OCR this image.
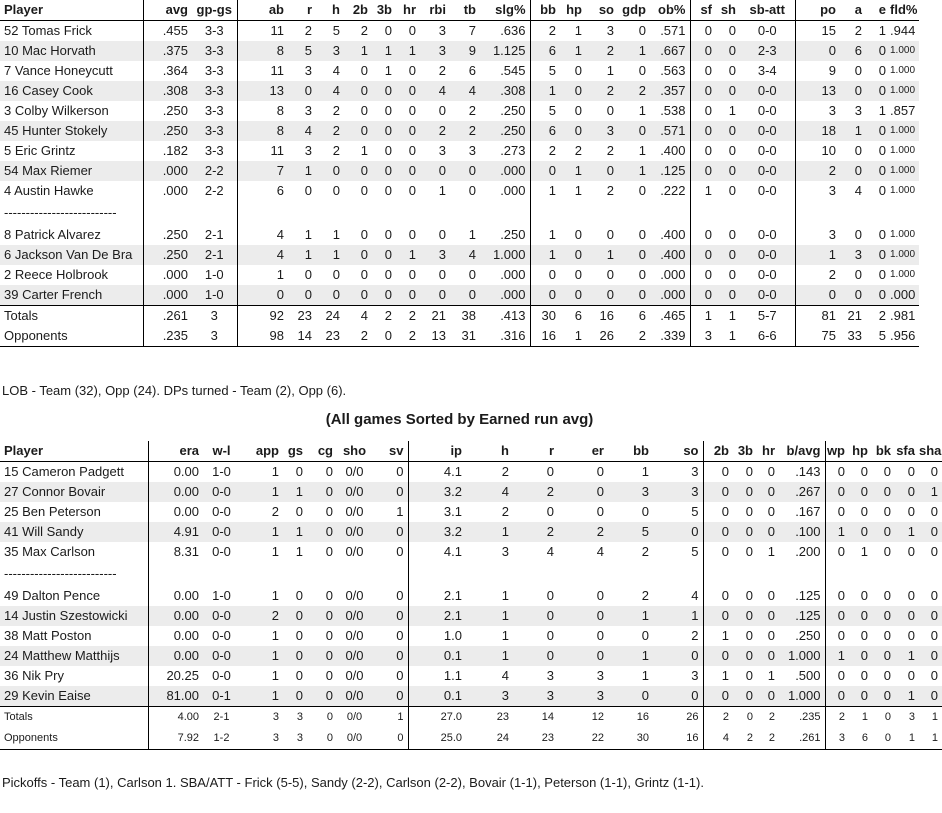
Player	avg	gp-gs	ab	r	h	2b	3b	hr	rbi	tb	slg%	bb	hp	so	gdp	ob%	sf	sh	sb-att	po	a	e	fld%
52 Tomas Frick	.455	3-3	11	2	5	2	0	0	3	7	.636	2	1	3	0	.571	0	0	0-0	15	2	1	.944
10 Mac Horvath	.375	3-3	8	5	3	1	1	1	3	9	1.125	6	1	2	1	.667	0	0	2-3	0	6	0	1.000
7 Vance Honeycutt	.364	3-3	11	3	4	0	1	0	2	6	.545	5	0	1	0	.563	0	0	3-4	9	0	0	1.000
16 Casey Cook	.308	3-3	13	0	4	0	0	0	4	4	.308	1	0	2	2	.357	0	0	0-0	13	0	0	1.000
3 Colby Wilkerson	.250	3-3	8	3	2	0	0	0	0	2	.250	5	0	0	1	.538	0	1	0-0	3	3	1	.857
45 Hunter Stokely	.250	3-3	8	4	2	0	0	0	2	2	.250	6	0	3	0	.571	0	0	0-0	18	1	0	1.000
5 Eric Grintz	.182	3-3	11	3	2	1	0	0	3	3	.273	2	2	2	1	.400	0	0	0-0	10	0	0	1.000
54 Max Riemer	.000	2-2	7	1	0	0	0	0	0	0	.000	0	1	0	1	.125	0	0	0-0	2	0	0	1.000
4 Austin Hawke	.000	2-2	6	0	0	0	0	0	1	0	.000	1	1	2	0	.222	1	0	0-0	3	4	0	1.000
--------------------------																							
8 Patrick Alvarez	.250	2-1	4	1	1	0	0	0	0	1	.250	1	0	0	0	.400	0	0	0-0	3	0	0	1.000
6 Jackson Van De Bra	.250	2-1	4	1	1	0	0	1	3	4	1.000	1	0	1	0	.400	0	0	0-0	1	3	0	1.000
2 Reece Holbrook	.000	1-0	1	0	0	0	0	0	0	0	.000	0	0	0	0	.000	0	0	0-0	2	0	0	1.000
39 Carter French	.000	1-0	0	0	0	0	0	0	0	0	.000	0	0	0	0	.000	0	0	0-0	0	0	0	.000
Totals	.261	3	92	23	24	4	2	2	21	38	.413	30	6	16	6	.465	1	1	5-7	81	21	2	.981
Opponents	.235	3	98	14	23	2	0	2	13	31	.316	16	1	26	2	.339	3	1	6-6	75	33	5	.956

LOB - Team (32), Opp (24). DPs turned - Team (2), Opp (6).

(All games Sorted by Earned run avg)
Player	era	w-l	app	gs	cg	sho	sv	ip	h	r	er	bb	so	2b	3b	hr	b/avg	wp	hp	bk	sfa	sha
15 Cameron Padgett	0.00	1-0	1	0	0	0/0	0	4.1	2	0	0	1	3	0	0	0	.143	0	0	0	0	0
27 Connor Bovair	0.00	0-0	1	1	0	0/0	0	3.2	4	2	0	3	3	0	0	0	.267	0	0	0	0	1
25 Ben Peterson	0.00	0-0	2	0	0	0/0	1	3.1	2	0	0	0	5	0	0	0	.167	0	0	0	0	0
41 Will Sandy	4.91	0-0	1	1	0	0/0	0	3.2	1	2	2	5	0	0	0	0	.100	1	0	0	1	0
35 Max Carlson	8.31	0-0	1	1	0	0/0	0	4.1	3	4	4	2	5	0	0	1	.200	0	1	0	0	0
--------------------------																						
49 Dalton Pence	0.00	1-0	1	0	0	0/0	0	2.1	1	0	0	2	4	0	0	0	.125	0	0	0	0	0
14 Justin Szestowicki	0.00	0-0	2	0	0	0/0	0	2.1	1	0	0	1	1	0	0	0	.125	0	0	0	0	0
38 Matt Poston	0.00	0-0	1	0	0	0/0	0	1.0	1	0	0	0	2	1	0	0	.250	0	0	0	0	0
24 Matthew Matthijs	0.00	0-0	1	0	0	0/0	0	0.1	1	0	0	1	0	0	0	0	1.000	1	0	0	1	0
36 Nik Pry	20.25	0-0	1	0	0	0/0	0	1.1	4	3	3	1	3	1	0	1	.500	0	0	0	0	0
29 Kevin Eaise	81.00	0-1	1	0	0	0/0	0	0.1	3	3	3	0	0	0	0	0	1.000	0	0	0	1	0
Totals	4.00	2-1	3	3	0	0/0	1	27.0	23	14	12	16	26	2	0	2	.235	2	1	0	3	1
Opponents	7.92	1-2	3	3	0	0/0	0	25.0	24	23	22	30	16	4	2	2	.261	3	6	0	1	1

Pickoffs - Team (1), Carlson 1. SBA/ATT - Frick (5-5), Sandy (2-2), Carlson (2-2), Bovair (1-1), Peterson (1-1), Grintz (1-1).
